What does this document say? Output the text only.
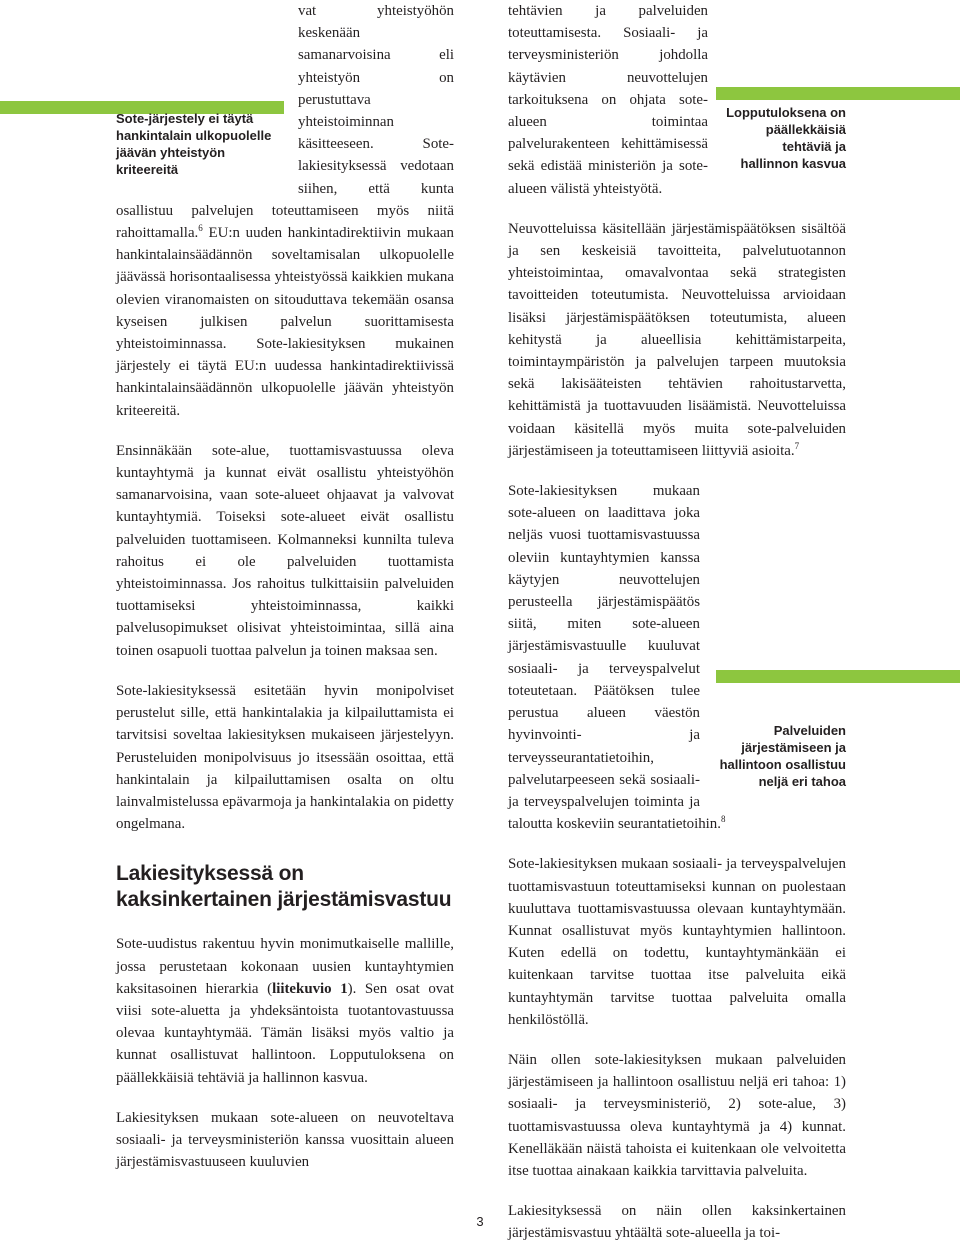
Sote-järjestely ei täytä hankintalain ulkopuolelle jäävän yhteistyön kriteereitä
vat yhteistyöhön keskenään samanarvoisina eli yhteistyön on perustuttava yhteistoiminnan käsitteeseen. Sote-lakiesityksessä vedotaan siihen, että kunta osallistuu palvelujen toteuttamiseen myös niitä rahoittamalla.$^6$ EU:n uuden hankintadirektiivin mukaan hankintalainsäädännön soveltamisalan ulkopuolelle jäävässä horisontaalisessa yhteistyössä kaikkien mukana olevien viranomaisten on sitouduttava tekemään osansa kyseisen julkisen palvelun suorittamisesta yhteistoiminnassa. Sote-lakiesityksen mukainen järjestely ei täytä EU:n uudessa hankintadirektiivissä hankintalainsäädännön ulkopuolelle jäävän yhteistyön kriteereitä.

Ensinnäkään sote-alue, tuottamisvastuussa oleva kuntayhtymä ja kunnat eivät osallistu yhteistyöhön samanarvoisina, vaan sote-alueet ohjaavat ja valvovat kuntayhtymiä. Toiseksi sote-alueet eivät osallistu palveluiden tuottamiseen. Kolmanneksi kunnilta tuleva rahoitus ei ole palveluiden tuottamista yhteistoiminnassa. Jos rahoitus tulkittaisiin palveluiden tuottamiseksi yhteistoiminnassa, kaikki palvelusopimukset olisivat yhteistoimintaa, sillä aina toinen osapuoli tuottaa palvelun ja toinen maksaa sen.

Sote-lakiesityksessä esitetään hyvin monipolviset perustelut sille, että hankintalakia ja kilpailuttamista ei tarvitsisi soveltaa lakiesityksen mukaiseen järjestelyyn. Perusteluiden monipolvisuus jo itsessään osoittaa, että hankintalain ja kilpailuttamisen osalta on oltu lainvalmistelussa epävarmoja ja hankintalakia on pidetty ongelmana.

Lakiesityksessä on kaksinkertainen järjestämisvastuu

Sote-uudistus rakentuu hyvin monimutkaiselle mallille, jossa perustetaan kokonaan uusien kuntayhtymien kaksitasoinen hierarkia (liitekuvio 1). Sen osat ovat viisi sote-aluetta ja yhdeksäntoista tuotantovastuussa olevaa kuntayhtymää. Tämän lisäksi myös valtio ja kunnat osallistuvat hallintoon. Lopputuloksena on päällekkäisiä tehtäviä ja hallinnon kasvua.

Lakiesityksen mukaan sote-alueen on neuvoteltava sosiaali- ja terveysministeriön kanssa vuosittain alueen järjestämisvastuuseen kuuluvien

Lopputuloksena on päällekkäisiä tehtäviä ja hallinnon kasvua
tehtävien ja palveluiden toteuttamisesta. Sosiaali- ja terveysministeriön johdolla käytävien neuvottelujen tarkoituksena on ohjata sote-alueen toimintaa palvelurakenteen kehittämisessä sekä edistää ministeriön ja sote-alueen välistä yhteistyötä.

Neuvotteluissa käsitellään järjestämispäätöksen sisältöä ja sen keskeisiä tavoitteita, palvelutuotannon yhteistoimintaa, omavalvontaa sekä strategisten tavoitteiden toteutumista. Neuvotteluissa arvioidaan lisäksi järjestämispäätöksen toteutumista, alueen kehitystä ja alueellisia kehittämistarpeita, toimintaympäristön ja palvelujen tarpeen muutoksia sekä lakisääteisten tehtävien rahoitustarvetta, kehittämistä ja tuottavuuden lisäämistä. Neuvotteluissa voidaan käsitellä myös muita sote-palveluiden järjestämiseen ja toteuttamiseen liittyviä asioita.$^7$

Palveluiden järjestämiseen ja hallintoon osallistuu neljä eri tahoa
Sote-lakiesityksen mukaan sote-alueen on laadittava joka neljäs vuosi tuottamisvastuussa oleviin kuntayhtymien kanssa käytyjen neuvottelujen perusteella järjestämispäätös siitä, miten sote-alueen järjestämisvastuulle kuuluvat sosiaali- ja terveyspalvelut toteutetaan. Päätöksen tulee perustua alueen väestön hyvinvointi- ja terveysseurantatietoihin, palvelutarpeeseen sekä sosiaali- ja terveyspalvelujen toiminta ja taloutta koskeviin seurantatietoihin.$^8$

Sote-lakiesityksen mukaan sosiaali- ja terveyspalvelujen tuottamisvastuun toteuttamiseksi kunnan on puolestaan kuuluttava tuottamisvastuussa olevaan kuntayhtymään. Kunnat osallistuvat myös kuntayhtymien hallintoon. Kuten edellä on todettu, kuntayhtymänkään ei kuitenkaan tarvitse tuottaa itse palveluita eikä kuntayhtymän tarvitse tuottaa palveluita omalla henkilöstöllä.

Näin ollen sote-lakiesityksen mukaan palveluiden järjestämiseen ja hallintoon osallistuu neljä eri tahoa: 1) sosiaali- ja terveysministeriö, 2) sote-alue, 3) tuottamisvastuussa oleva kuntayhtymä ja 4) kunnat. Kenelläkään näistä tahoista ei kuitenkaan ole velvoitetta itse tuottaa ainakaan kaikkia tarvittavia palveluita.

Lakiesityksessä on näin ollen kaksinkertainen järjestämisvastuu yhtäältä sote-alueella ja toi-

3
